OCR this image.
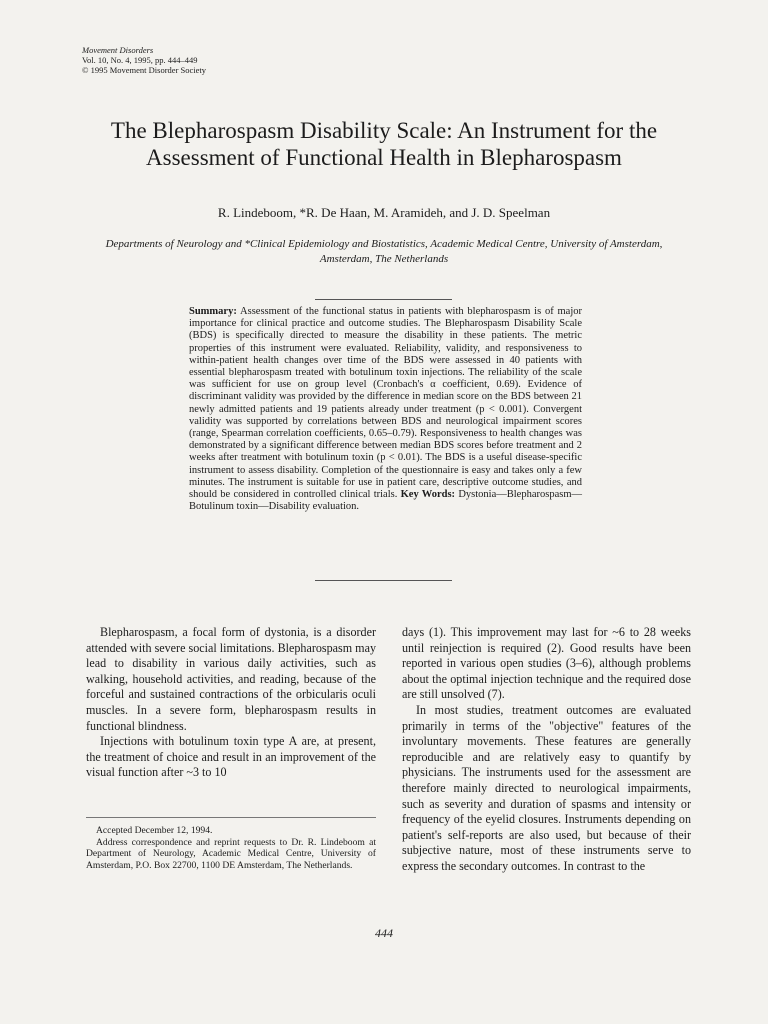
Movement Disorders
Vol. 10, No. 4, 1995, pp. 444–449
© 1995 Movement Disorder Society
The Blepharospasm Disability Scale: An Instrument for the Assessment of Functional Health in Blepharospasm
R. Lindeboom, *R. De Haan, M. Aramideh, and J. D. Speelman
Departments of Neurology and *Clinical Epidemiology and Biostatistics, Academic Medical Centre, University of Amsterdam, Amsterdam, The Netherlands
Summary: Assessment of the functional status in patients with blepharospasm is of major importance for clinical practice and outcome studies. The Blepharospasm Disability Scale (BDS) is specifically directed to measure the disability in these patients. The metric properties of this instrument were evaluated. Reliability, validity, and responsiveness to within-patient health changes over time of the BDS were assessed in 40 patients with essential blepharospasm treated with botulinum toxin injections. The reliability of the scale was sufficient for use on group level (Cronbach's α coefficient, 0.69). Evidence of discriminant validity was provided by the difference in median score on the BDS between 21 newly admitted patients and 19 patients already under treatment (p < 0.001). Convergent validity was supported by correlations between BDS and neurological impairment scores (range, Spearman correlation coefficients, 0.65–0.79). Responsiveness to health changes was demonstrated by a significant difference between median BDS scores before treatment and 2 weeks after treatment with botulinum toxin (p < 0.01). The BDS is a useful disease-specific instrument to assess disability. Completion of the questionnaire is easy and takes only a few minutes. The instrument is suitable for use in patient care, descriptive outcome studies, and should be considered in controlled clinical trials. Key Words: Dystonia—Blepharospasm—Botulinum toxin—Disability evaluation.

Blepharospasm, a focal form of dystonia, is a disorder attended with severe social limitations. Blepharospasm may lead to disability in various daily activities, such as walking, household activities, and reading, because of the forceful and sustained contractions of the orbicularis oculi muscles. In a severe form, blepharospasm results in functional blindness.

Injections with botulinum toxin type A are, at present, the treatment of choice and result in an improvement of the visual function after ~3 to 10

days (1). This improvement may last for ~6 to 28 weeks until reinjection is required (2). Good results have been reported in various open studies (3–6), although problems about the optimal injection technique and the required dose are still unsolved (7).

In most studies, treatment outcomes are evaluated primarily in terms of the "objective" features of the involuntary movements. These features are generally reproducible and are relatively easy to quantify by physicians. The instruments used for the assessment are therefore mainly directed to neurological impairments, such as severity and duration of spasms and intensity or frequency of the eyelid closures. Instruments depending on patient's self-reports are also used, but because of their subjective nature, most of these instruments serve to express the secondary outcomes. In contrast to the

Accepted December 12, 1994.

Address correspondence and reprint requests to Dr. R. Lindeboom at Department of Neurology, Academic Medical Centre, University of Amsterdam, P.O. Box 22700, 1100 DE Amsterdam, The Netherlands.

444
